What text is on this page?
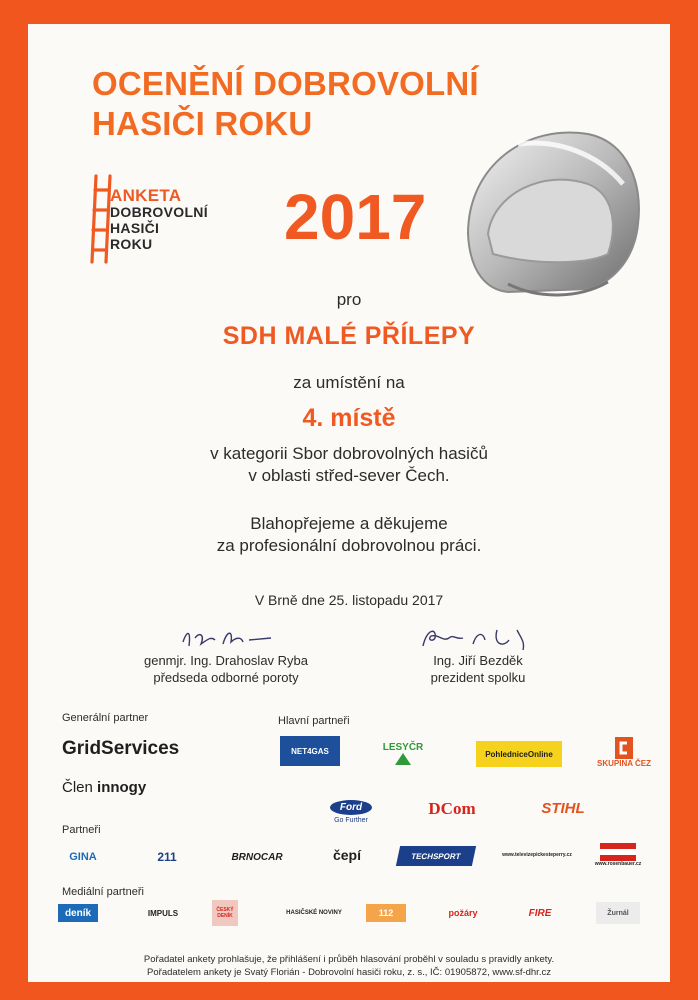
OCENĚNÍ DOBROVOLNÍ
HASIČI ROKU
ANKETA
DOBROVOLNÍ
HASIČI
ROKU	2017
pro
SDH MALÉ PŘÍLEPY
za umístění na
4. místě
v kategorii Sbor dobrovolných hasičů
v oblasti střed-sever Čech.
Blahopřejeme a děkujeme
za profesionální dobrovolnou práci.
V Brně dne 25. listopadu 2017
genmjr. Ing. Drahoslav Ryba
předseda odborné poroty
Ing. Jiří Bezděk
prezident spolku
Generální partner
GridServices
Člen innogy
Hlavní partneři
NET4GAS	LESYČR
PohledniceOnline
SKUPINA ČEZ
Ford
Go Further
DCom	STIHL
Partneři
GINA	211	BRNOCAR	čepí	TECHSPORT	www.televizepickesteperry.cz
www.rosenbauer.cz
Mediální partneři
deník	IMPULS	ČESKÝ DENÍK	HASIČSKÉ NOVINY	112	požáry	FIRE	Žurnál
Pořadatel ankety prohlašuje, že přihlášení i průběh hlasování proběhl v souladu s pravidly ankety.
Pořadatelem ankety je Svatý Florián - Dobrovolní hasiči roku, z. s., IČ: 01905872, www.sf-dhr.cz
